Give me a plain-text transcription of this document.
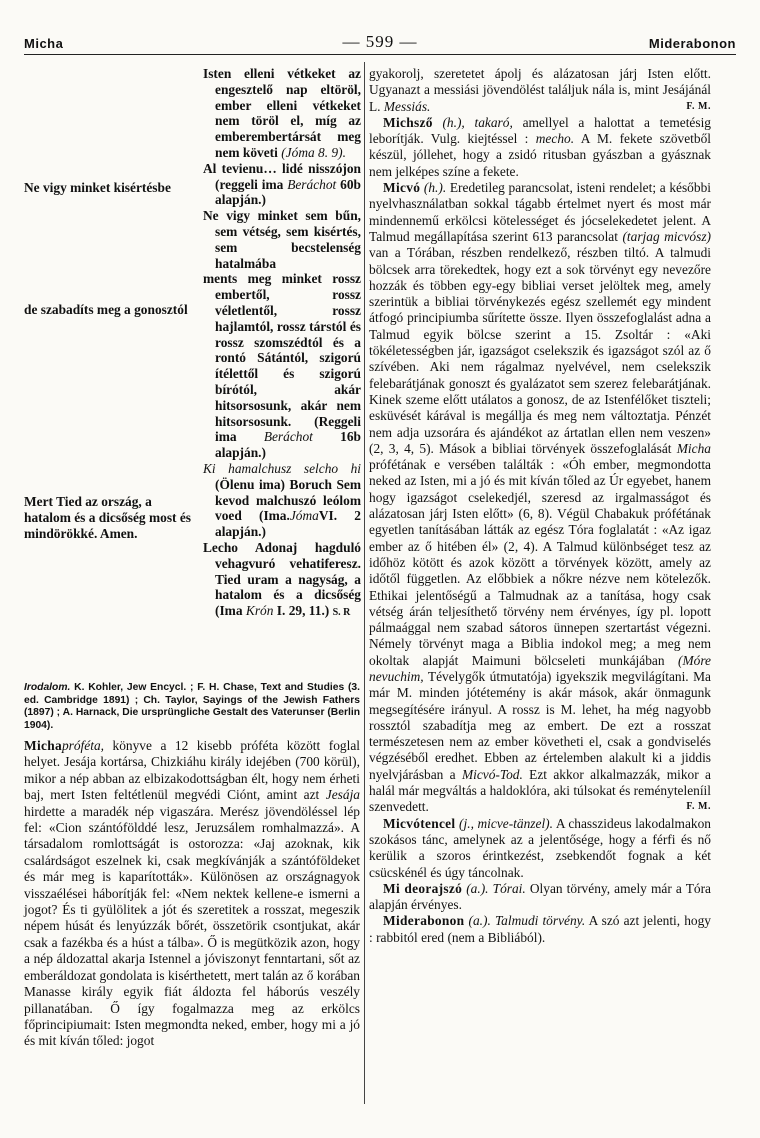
Micha	— 599 —	Miderabonon
Ne vigy minket kisértésbe
de szabadíts meg a gonosztól
Mert Tied az ország, a hatalom és a dicsőség most és mindörökké. Amen.
Isten elleni vétkeket az engesztelő nap eltöröl, ember elleni vétkeket nem töröl el, míg az emberembertársát meg nem követi (Jóma 8. 9).
Al tevienu… lidé nisszójon (reggeli ima Beráchot 60b alapján.)
Ne vigy minket sem bűn, sem vétség, sem kisértés, sem becstelenség hatalmába
ments meg minket rossz embertől, rossz véletlentől, rossz hajlamtól, rossz társtól és rossz szomszédtól és a rontó Sátántól, szigorú ítélettől és szigorú bírótól, akár hitsorsosunk, akár nem hitsorsosunk. (Reggeli ima Beráchot 16b alapján.)
Ki hamalchusz selcho hi (Ölenu ima) Boruch Sem kevod malchuszó leólom voed (Ima.JómaVI. 2 alapján.)
Lecho Adonaj hagduló vehagvuró vehatiferesz. Tied uram a nagyság, a hatalom és a dicsőség (Ima Krón I. 29, 11.) S. R
Irodalom. K. Kohler, Jew Encycl. ; F. H. Chase, Text and Studies (3. ed. Cambridge 1891) ; Ch. Taylor, Sayings of the Jewish Fathers (1897) ; A. Harnack, Die ursprüngliche Gestalt des Vaterunser (Berlin 1904).

Michapróféta, könyve a 12 kisebb próféta között foglal helyet. Jesája kortársa, Chizkiáhu király idejében (700 körül), mikor a nép abban az elbizakodottságban élt, hogy nem érheti baj, mert Isten feltétlenül megvédi Ciónt, amint azt Jesája hirdette a maradék nép vigaszára. Merész jövendöléssel lép fel: «Cion szántófölddé lesz, Jeruzsálem romhalmazzá». A társadalom romlottságát is ostorozza: «Jaj azoknak, kik csalárdságot eszelnek ki, csak megkívánják a szántóföldeket és már meg is kaparították». Különösen az országnagyok visszaélései háborítják fel: «Nem nektek kellene-e ismerni a jogot? És ti gyülölitek a jót és szeretitek a rosszat, megeszik népem húsát és lenyúzzák bőrét, összetörik csontjukat, akár csak a fazékba és a húst a tálba». Ő is megütközik azon, hogy a nép áldozattal akarja Istennel a jóviszonyt fenntartani, sőt az emberáldozat gondolata is kisérthetett, mert talán az ő korában Manasse király egyik fiát áldozta fel háborús veszély pillanatában. Ő így fogalmazza meg az erkölcs főprincipiumait: Isten megmondta neked, ember, hogy mi a jó és mit kíván tőled: jogot

gyakorolj, szeretetet ápolj és alázatosan járj Isten előtt. Ugyanazt a messiási jövendölést találjuk nála is, mint Jesájánál L. Messiás.	F. M.

Michsző (h.), takaró, amellyel a halottat a temetésig leborítják. Vulg. kiejtéssel : mecho. A M. fekete szövetből készül, jóllehet, hogy a zsidó ritusban gyászban a gyásznak nem jelképes színe a fekete.

Micvó (h.). Eredetileg parancsolat, isteni rendelet; a későbbi nyelvhasználatban sokkal tágabb értelmet nyert és most már mindennemű erkölcsi kötelességet és jócselekedetet jelent. A Talmud megállapítása szerint 613 parancsolat (tarjag micvósz) van a Tórában, részben rendelkező, részben tiltó. A talmudi bölcsek arra törekedtek, hogy ezt a sok törvényt egy nevezőre hozzák és többen egy-egy bibliai verset jelöltek meg, amely szerintük a bibliai törvénykezés egész szellemét egy mindent átfogó principiumba sűrítette össze. Ilyen összefoglalást adna a Talmud egyik bölcse szerint a 15. Zsoltár : «Aki tökéletességben jár, igazságot cselekszik és igazságot szól az ő szívében. Aki nem rágalmaz nyelvével, nem cselekszik felebarátjának gonoszt és gyalázatot sem szerez felebarátjának. Kinek szeme előtt utálatos a gonosz, de az Istenfélőket tiszteli; esküvését kárával is megállja és meg nem változtatja. Pénzét nem adja uzsorára és ajándékot az ártatlan ellen nem veszen» (2, 3, 4, 5). Mások a bibliai törvények összefoglalását Micha prófétának e versében találták : «Óh ember, megmondotta neked az Isten, mi a jó és mit kíván tőled az Úr egyebet, hanem hogy igazságot cselekedjél, szeresd az irgalmasságot és alázatosan járj Isten előtt» (6, 8). Végül Chabakuk prófétának egyetlen tanításában látták az egész Tóra foglalatát : «Az igaz ember az ő hitében él» (2, 4). A Talmud különbséget tesz az időhöz kötött és azok között a törvények között, amely az időtől független. Az előbbiek a nőkre nézve nem kötelezők. Ethikai jelentőségű a Talmudnak az a tanítása, hogy csak vétség árán teljesíthető törvény nem érvényes, így pl. lopott pálmaággal nem szabad sátoros ünnepen szertartást végezni. Némely törvényt maga a Biblia indokol meg; a meg nem okoltak alapját Maimuni bölcseleti munkájában (Móre nevuchim, Tévelygők útmutatója) igyekszik megvilágítani. Ma már M. minden jótétemény is akár mások, akár önmagunk megsegítésére irányul. A rossz is M. lehet, ha még nagyobb rossztól szabadítja meg az embert. De ezt a rosszat természetesen nem az ember követheti el, csak a gondviselés végzéséből eredhet. Ebben az értelemben alakult ki a jiddis nyelvjárásban a Micvó-Tod. Ezt akkor alkalmazzák, mikor a halál már megváltás a haldoklóra, aki túlsokat és reményteleníil szenvedett.	F. M.

Micvótencel (j., micve-tänzel). A chasszideus lakodalmakon szokásos tánc, amelynek az a jelentősége, hogy a férfi és nő kerülik a szoros érintkezést, zsebkendőt fognak a két csücskénél és úgy táncolnak.

Mi deorajszó (a.). Tórai. Olyan törvény, amely már a Tóra alapján érvényes.

Miderabonon (a.). Talmudi törvény. A szó azt jelenti, hogy : rabbitól ered (nem a Bibliából).
